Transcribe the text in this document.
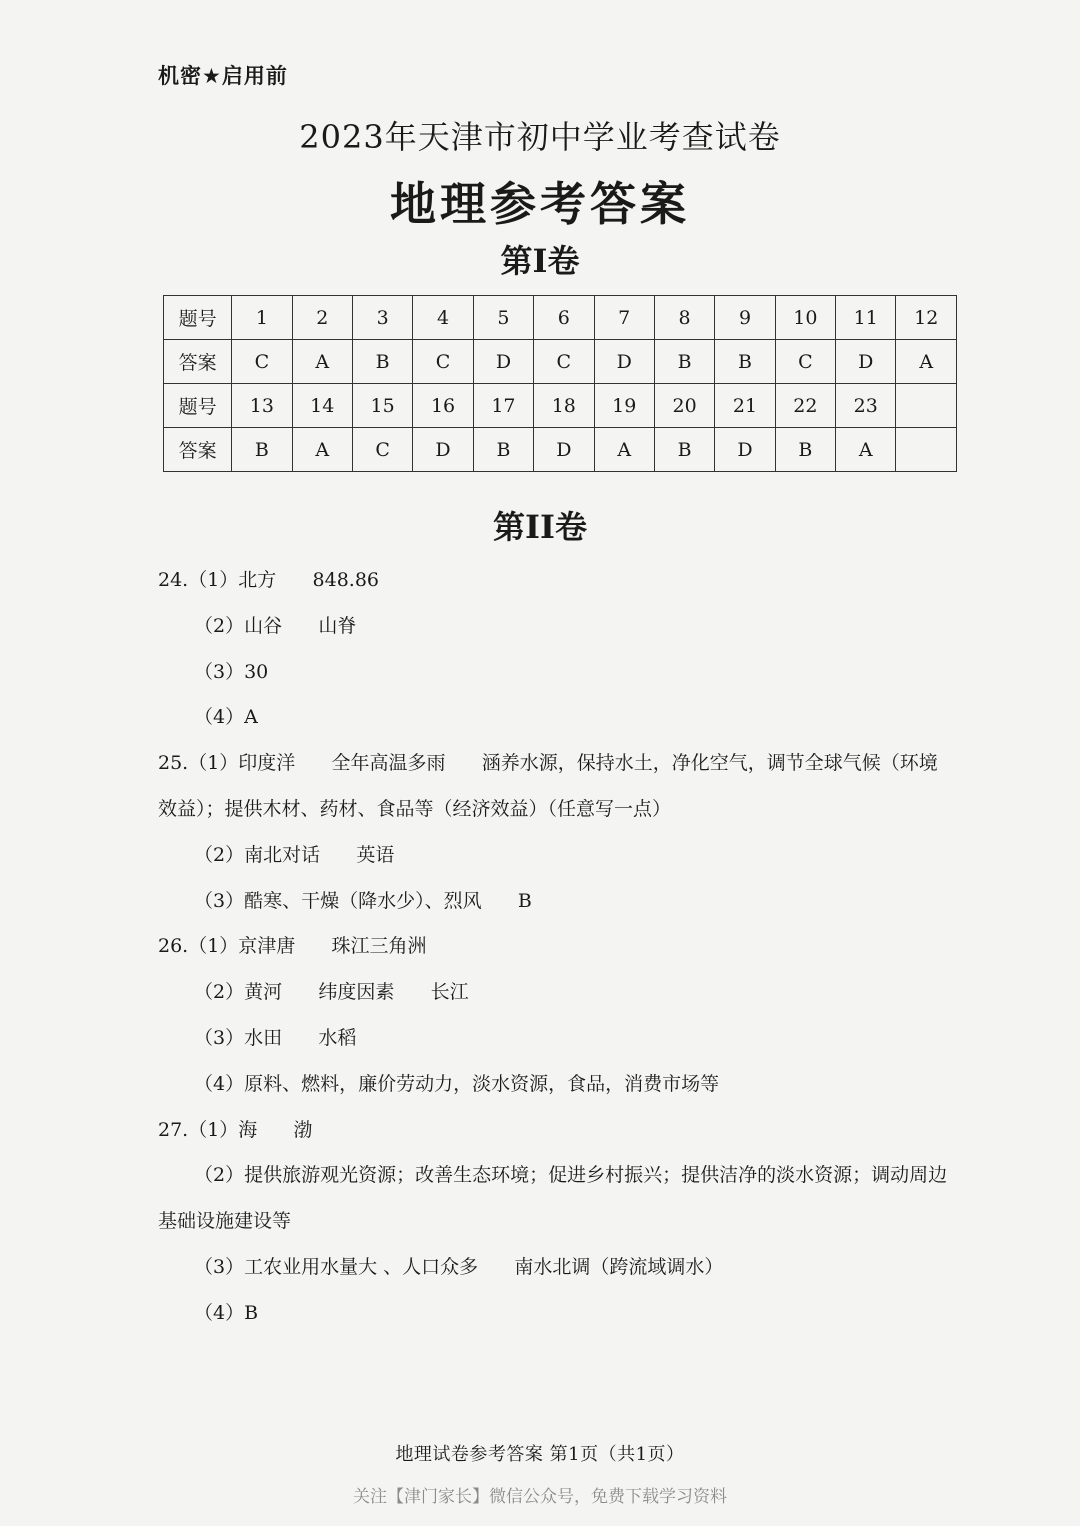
机密★启用前
2023年天津市初中学业考查试卷
地理参考答案
第I卷
题号	1	2	3	4	5	6	7	8	9	10	11	12
答案	C	A	B	C	D	C	D	B	B	C	D	A
题号	13	14	15	16	17	18	19	20	21	22	23	
答案	B	A	C	D	B	D	A	B	D	B	A	
第II卷
24.（1）北方      848.86
（2）山谷      山脊
（3）30
（4）A
25.（1）印度洋      全年高温多雨      涵养水源，保持水土，净化空气，调节全球气候（环境
效益）；提供木材、药材、食品等（经济效益）（任意写一点）
（2）南北对话      英语
（3）酷寒、干燥（降水少）、烈风      B
26.（1）京津唐      珠江三角洲
（2）黄河      纬度因素      长江
（3）水田      水稻
（4）原料、燃料，廉价劳动力，淡水资源，食品，消费市场等
27.（1）海      渤
（2）提供旅游观光资源；改善生态环境；促进乡村振兴；提供洁净的淡水资源；调动周边
基础设施建设等
（3）工农业用水量大 、人口众多      南水北调（跨流域调水）
（4）B
地理试卷参考答案 第1页（共1页）
关注【津门家长】微信公众号，免费下载学习资料
